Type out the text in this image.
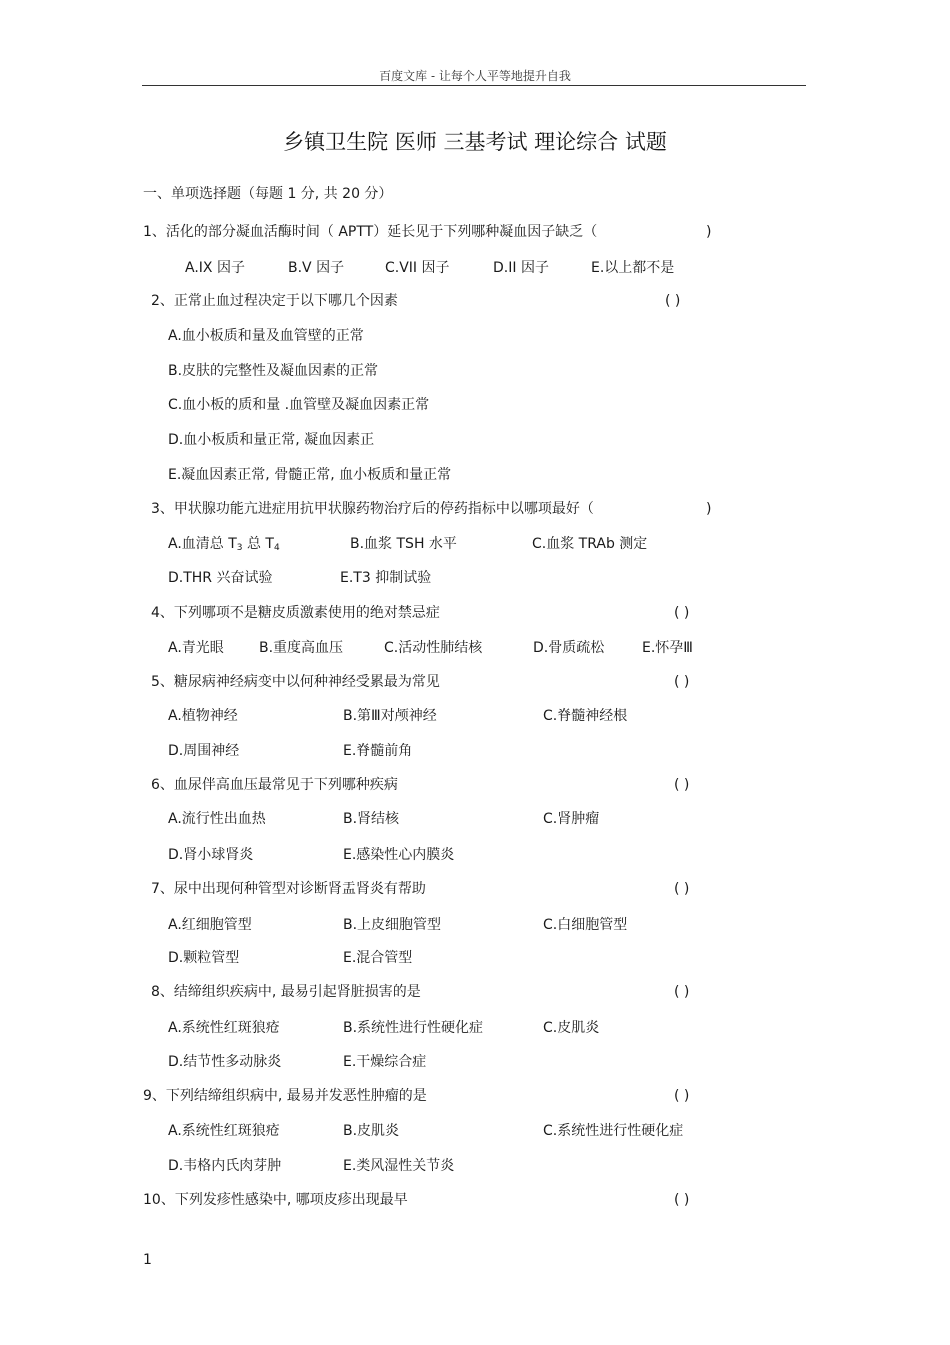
百度文库 - 让每个人平等地提升自我
乡镇卫生院 医师 三基考试 理论综合 试题
一、单项选择题（每题 1 分, 共 20 分）
1、活化的部分凝血活酶时间（ APTT）延长见于下列哪种凝血因子缺乏（	)
A.IX 因子	B.V 因子	C.VII 因子	D.II 因子	E.以上都不是
2、正常止血过程决定于以下哪几个因素	( )
A.血小板质和量及血管壁的正常
B.皮肤的完整性及凝血因素的正常
C.血小板的质和量 .血管壁及凝血因素正常
D.血小板质和量正常, 凝血因素正
E.凝血因素正常, 骨髓正常, 血小板质和量正常
3、甲状腺功能亢进症用抗甲状腺药物治疗后的停药指标中以哪项最好（	)
A.血清总 $T_3$ 总 $T_4$	B.血浆 TSH 水平	C.血浆 TRAb 测定
D.THR 兴奋试验	E.T3 抑制试验
4、下列哪项不是糖皮质激素使用的绝对禁忌症	( )
A.青光眼	B.重度高血压	C.活动性肺结核	D.骨质疏松	E.怀孕Ⅲ
5、糖尿病神经病变中以何种神经受累最为常见	( )
A.植物神经	B.第Ⅲ对颅神经	C.脊髓神经根
D.周围神经	E.脊髓前角
6、血尿伴高血压最常见于下列哪种疾病	( )
A.流行性出血热	B.肾结核	C.肾肿瘤
D.肾小球肾炎	E.感染性心内膜炎
7、尿中出现何种管型对诊断肾盂肾炎有帮助	( )
A.红细胞管型	B.上皮细胞管型	C.白细胞管型
D.颗粒管型	E.混合管型
8、结缔组织疾病中, 最易引起肾脏损害的是	( )
A.系统性红斑狼疮	B.系统性进行性硬化症	C.皮肌炎
D.结节性多动脉炎	E.干燥综合症
9、下列结缔组织病中, 最易并发恶性肿瘤的是	( )
A.系统性红斑狼疮	B.皮肌炎	C.系统性进行性硬化症
D.韦格内氏肉芽肿	E.类风湿性关节炎
10、下列发疹性感染中, 哪项皮疹出现最早	( )
1
